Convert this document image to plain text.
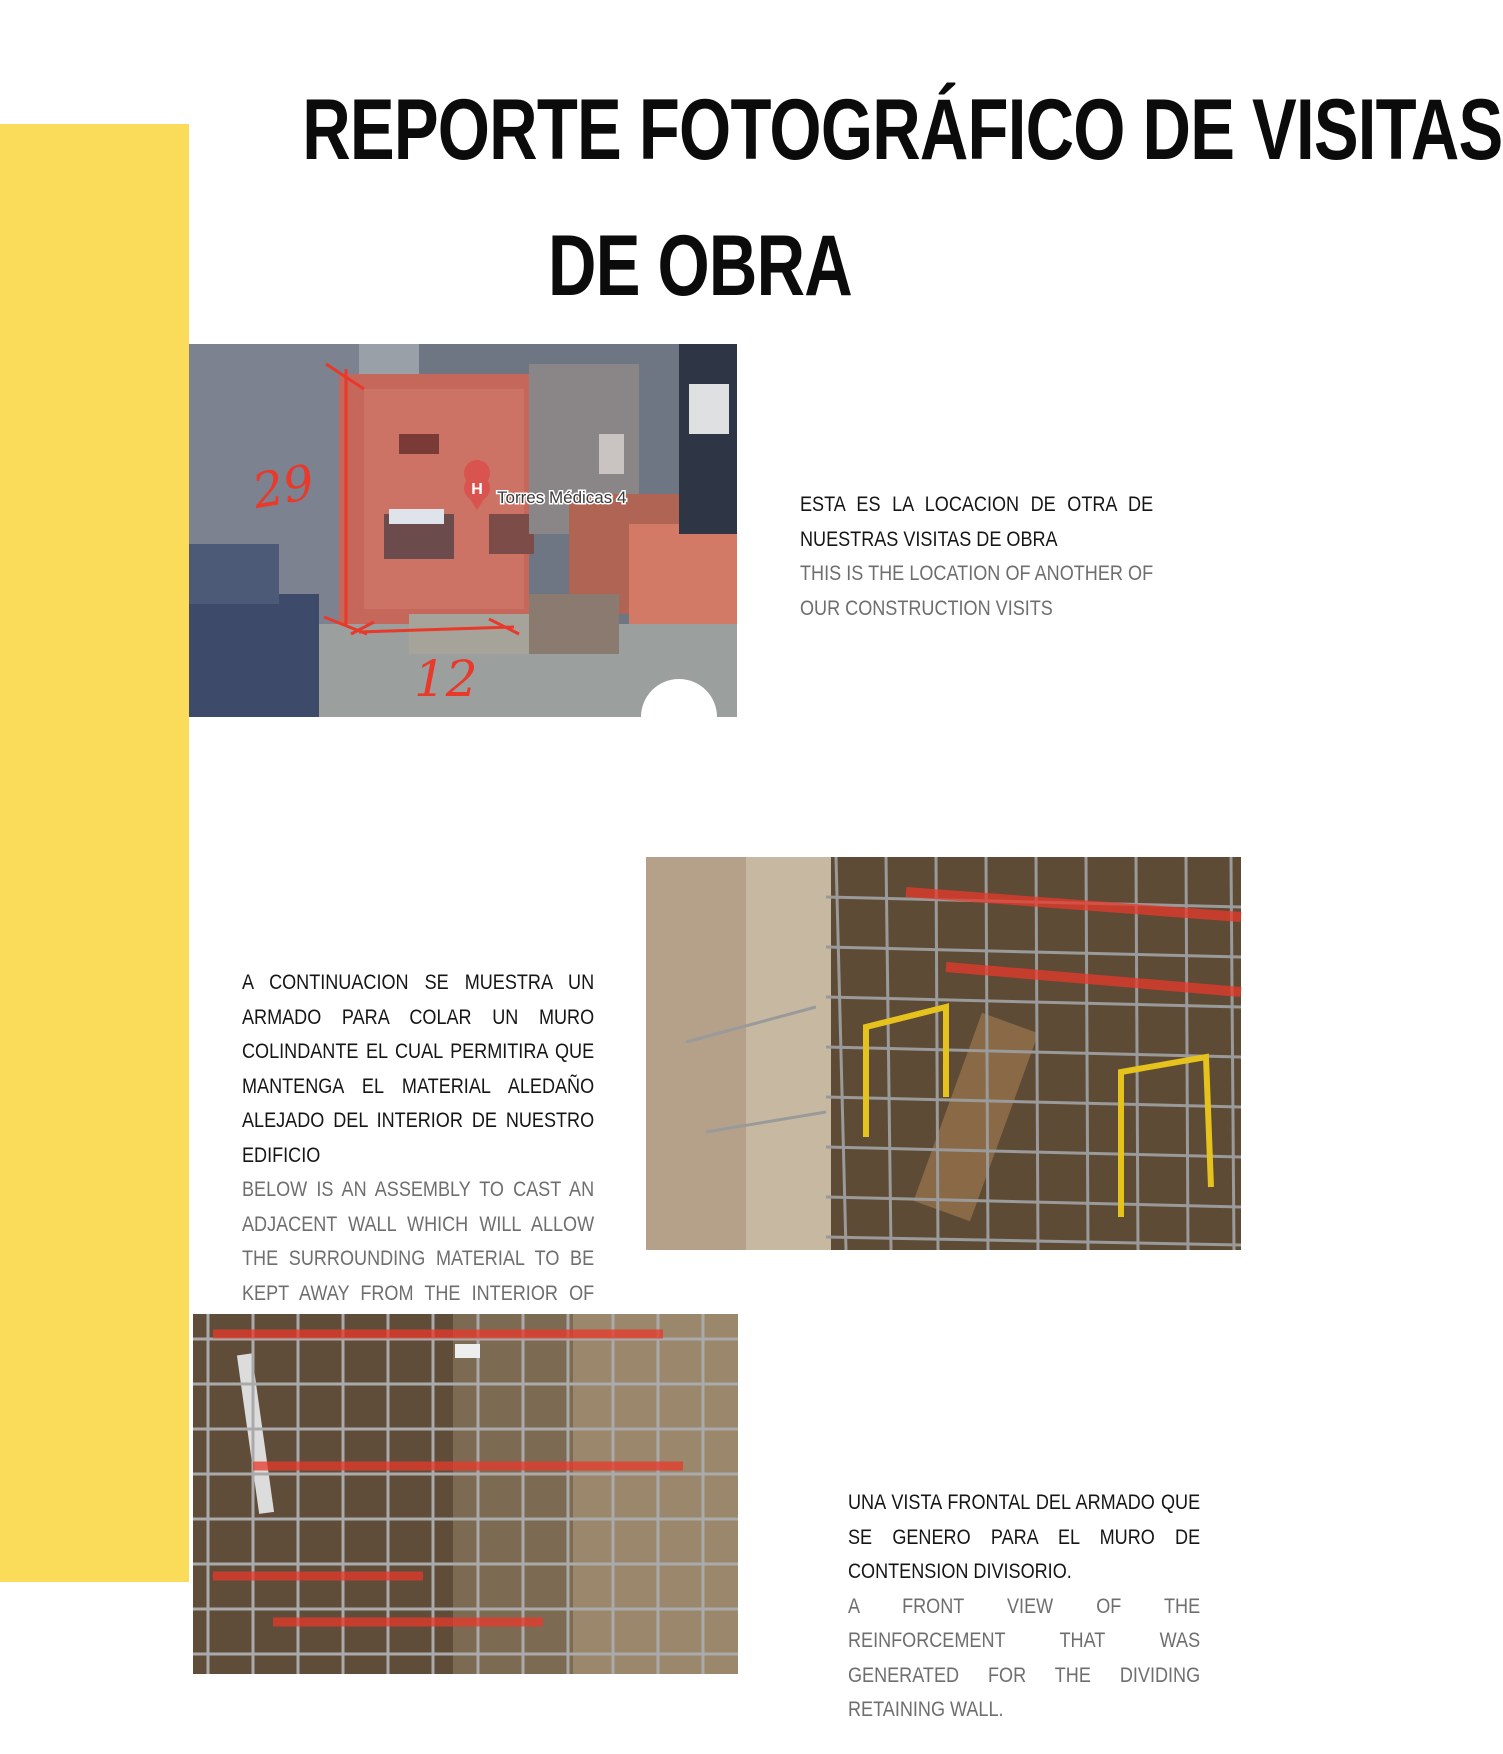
REPORTE FOTOGRÁFICO DE VISITAS
DE OBRA
29
12
H Torres Médicas 4	ESTA ES LA LOCACION DE OTRA DE NUESTRAS VISITAS DE OBRA
THIS IS THE LOCATION OF ANOTHER OF OUR CONSTRUCTION VISITS
A CONTINUACION SE MUESTRA UN ARMADO PARA COLAR UN MURO COLINDANTE EL CUAL PERMITIRA QUE MANTENGA EL MATERIAL ALEDAÑO ALEJADO DEL INTERIOR DE NUESTRO EDIFICIO
BELOW IS AN ASSEMBLY TO CAST AN ADJACENT WALL WHICH WILL ALLOW THE SURROUNDING MATERIAL TO BE KEPT AWAY FROM THE INTERIOR OF
UNA VISTA FRONTAL DEL ARMADO QUE SE GENERO PARA EL MURO DE CONTENSION DIVISORIO.
A FRONT VIEW OF THE REINFORCEMENT THAT WAS GENERATED FOR THE DIVIDING RETAINING WALL.
